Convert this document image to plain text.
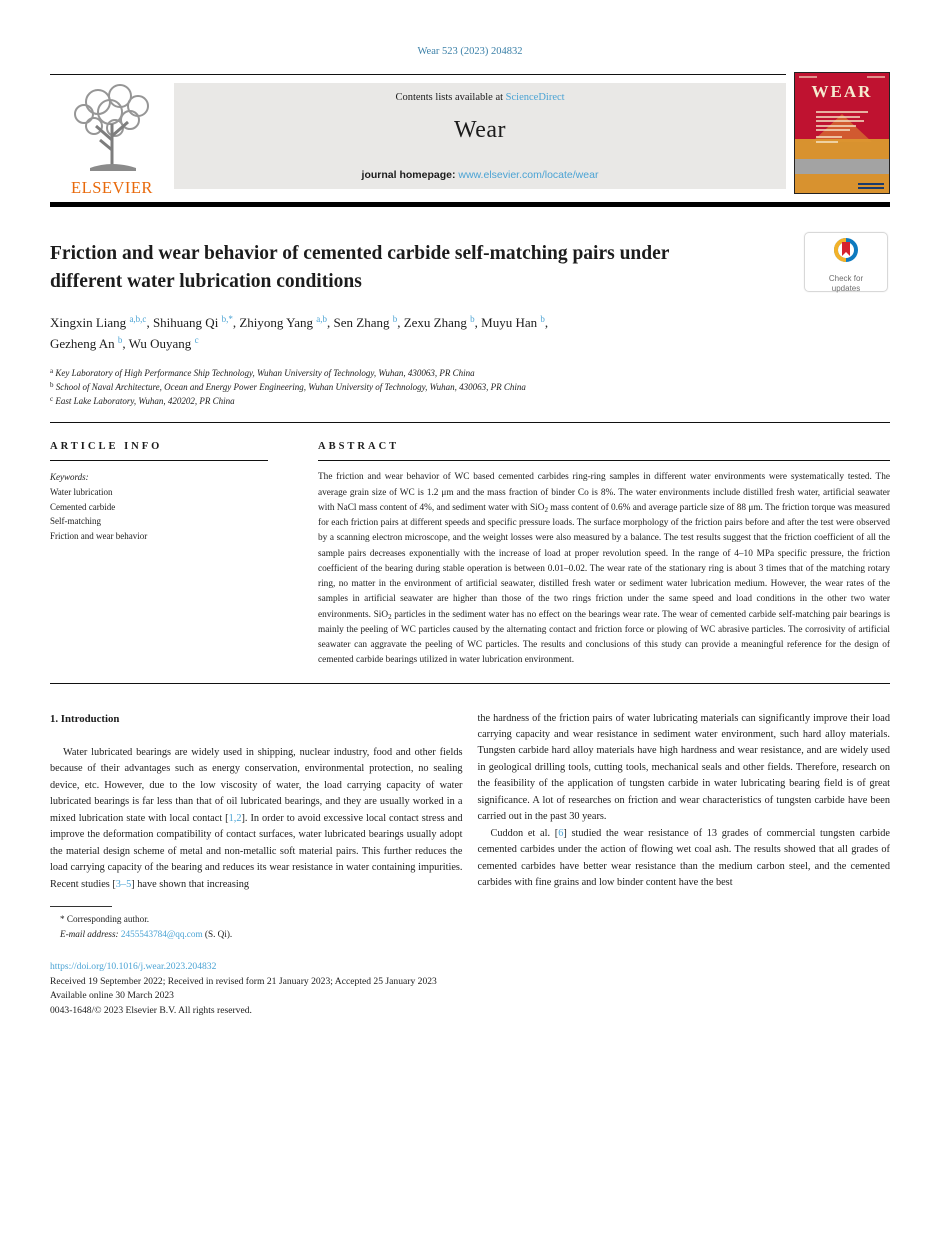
Wear 523 (2023) 204832
ELSEVIER
Contents lists available at ScienceDirect
Wear
journal homepage: www.elsevier.com/locate/wear
WEAR
Friction and wear behavior of cemented carbide self-matching pairs under
different water lubrication conditions	Check for
updates
Xingxin Liang $^{a,b,c}$, Shihuang Qi $^{b,*}$, Zhiyong Yang $^{a,b}$, Sen Zhang $^b$, Zexu Zhang $^b$, Muyu Han $^b$,
Gezheng An $^b$, Wu Ouyang $^c$
$^a$ Key Laboratory of High Performance Ship Technology, Wuhan University of Technology, Wuhan, 430063, PR China
$^b$ School of Naval Architecture, Ocean and Energy Power Engineering, Wuhan University of Technology, Wuhan, 430063, PR China
$^c$ East Lake Laboratory, Wuhan, 420202, PR China
ARTICLE INFO
Keywords:
Water lubrication
Cemented carbide
Self-matching
Friction and wear behavior
ABSTRACT
The friction and wear behavior of WC based cemented carbides ring-ring samples in different water environments were systematically tested. The average grain size of WC is 1.2 μm and the mass fraction of binder Co is 8%. The water environments include distilled fresh water, artificial seawater with NaCl mass content of 4%, and sediment water with SiO$_2$ mass content of 0.6% and average particle size of 88 μm. The friction torque was measured for each friction pairs at different speeds and specific pressure loads. The surface morphology of the friction pairs before and after the test were observed by a scanning electron microscope, and the weight losses were also measured by a balance. The test results suggest that the friction coefficient of all the sample pairs decreases exponentially with the increase of load at proper revolution speed. In the range of 4–10 MPa specific pressure, the friction coefficient of the bearing during stable operation is between 0.01–0.02. The wear rate of the stationary ring is about 3 times that of the matching rotary ring, no matter in the environment of artificial seawater, distilled fresh water or sediment water lubrication medium. However, the wear rates of the samples in artificial seawater are higher than those of the two rings friction under the same speed and load conditions in the other two water environments. SiO$_2$ particles in the sediment water has no effect on the bearings wear rate. The wear of cemented carbide self-matching pair bearings is mainly the peeling of WC particles caused by the alternating contact and friction force or plowing of WC abrasive particles. The corrosivity of artificial seawater can aggravate the peeling of WC particles. The results and conclusions of this study can provide a meaningful reference for the design of cemented carbide bearings utilized in water lubrication environment.
1. Introduction

Water lubricated bearings are widely used in shipping, nuclear industry, food and other fields because of their advantages such as energy conservation, environmental protection, no sealing device, etc. However, due to the low viscosity of water, the load carrying capacity of water lubricated bearings is far less than that of oil lubricated bearings, and they are usually worked in a mixed lubrication state with local contact [1,2]. In order to avoid excessive local contact stress and improve the deformation compatibility of contact surfaces, water lubricated bearings usually adopt the material design scheme of metal and non-metallic soft material pairs. This further reduces the load carrying capacity of the bearing and reduces its wear resistance in water containing impurities. Recent studies [3–5] have shown that increasing

the hardness of the friction pairs of water lubricating materials can significantly improve their load carrying capacity and wear resistance in sediment water environment, such hard alloy materials. Tungsten carbide hard alloy materials have high hardness and wear resistance, and are widely used in geological drilling tools, cutting tools, mechanical seals and other fields. Therefore, research on the feasibility of the application of tungsten carbide in water lubricating bearing field is of great significance. A lot of researches on friction and wear characteristics of tungsten carbide have been carried out in the past 30 years.

Cuddon et al. [6] studied the wear resistance of 13 grades of commercial tungsten carbide cemented carbides under the action of flowing wet coal ash. The results showed that all grades of cemented carbides have better wear resistance than the medium carbon steel, and the cemented carbides with fine grains and low binder content have the best

* Corresponding author.
E-mail address: 2455543784@qq.com (S. Qi).
https://doi.org/10.1016/j.wear.2023.204832
Received 19 September 2022; Received in revised form 21 January 2023; Accepted 25 January 2023
Available online 30 March 2023
0043-1648/© 2023 Elsevier B.V. All rights reserved.
